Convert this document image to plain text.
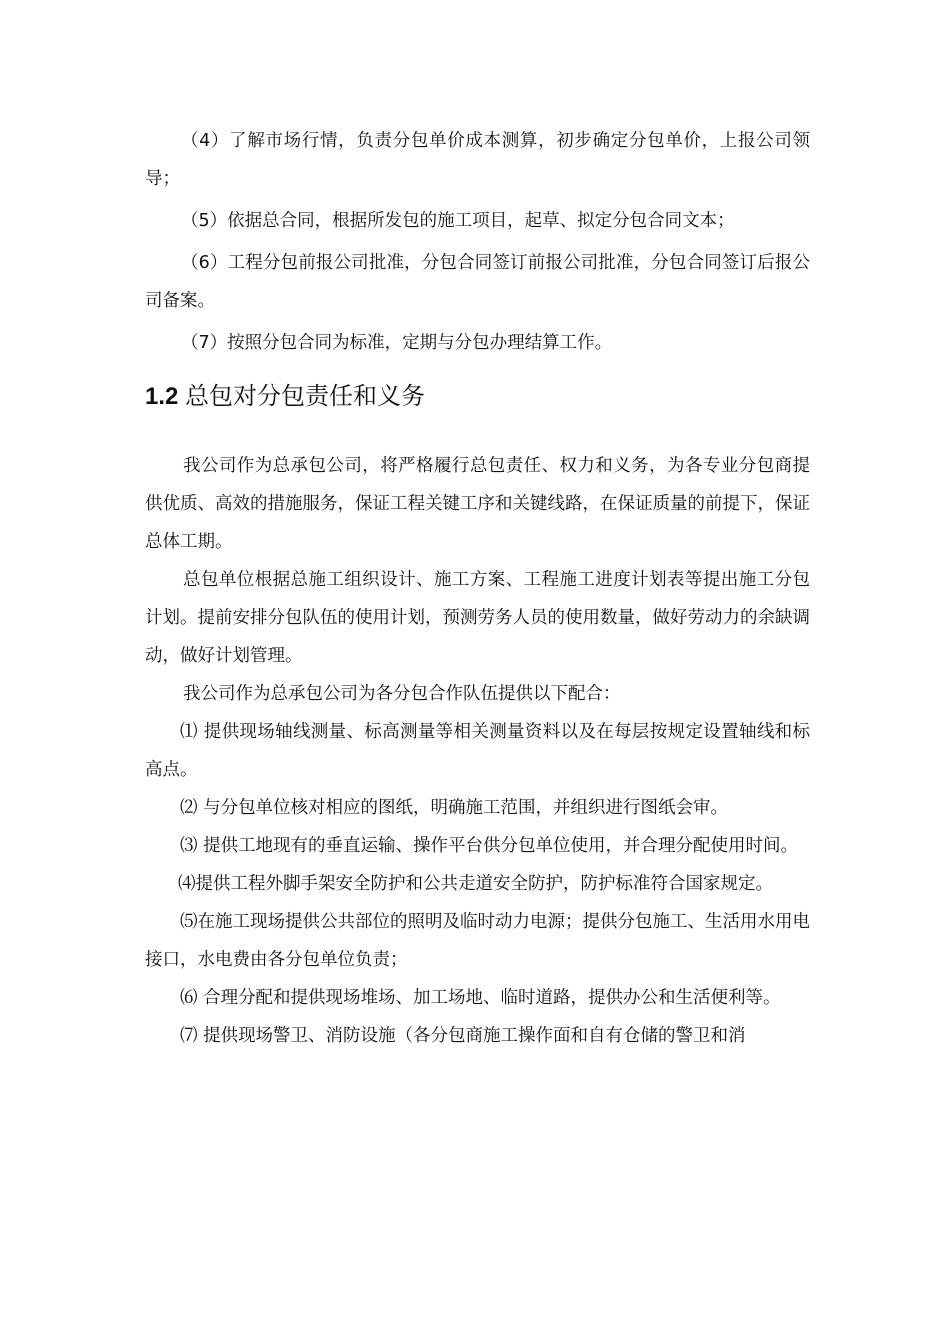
（4）了解市场行情，负责分包单价成本测算，初步确定分包单价，上报公司领导；

（5）依据总合同，根据所发包的施工项目，起草、拟定分包合同文本；

（6）工程分包前报公司批准，分包合同签订前报公司批准，分包合同签订后报公司备案。

（7）按照分包合同为标准，定期与分包办理结算工作。

1.2 总包对分包责任和义务

我公司作为总承包公司，将严格履行总包责任、权力和义务，为各专业分包商提供优质、高效的措施服务，保证工程关键工序和关键线路，在保证质量的前提下，保证总体工期。

总包单位根据总施工组织设计、施工方案、工程施工进度计划表等提出施工分包计划。提前安排分包队伍的使用计划，预测劳务人员的使用数量，做好劳动力的余缺调动，做好计划管理。

我公司作为总承包公司为各分包合作队伍提供以下配合：

⑴ 提供现场轴线测量、标高测量等相关测量资料以及在每层按规定设置轴线和标高点。

⑵ 与分包单位核对相应的图纸，明确施工范围，并组织进行图纸会审。

⑶ 提供工地现有的垂直运输、操作平台供分包单位使用，并合理分配使用时间。

⑷提供工程外脚手架安全防护和公共走道安全防护，防护标准符合国家规定。

⑸在施工现场提供公共部位的照明及临时动力电源；提供分包施工、生活用水用电接口，水电费由各分包单位负责；

⑹ 合理分配和提供现场堆场、加工场地、临时道路，提供办公和生活便利等。

⑺ 提供现场警卫、消防设施（各分包商施工操作面和自有仓储的警卫和消
